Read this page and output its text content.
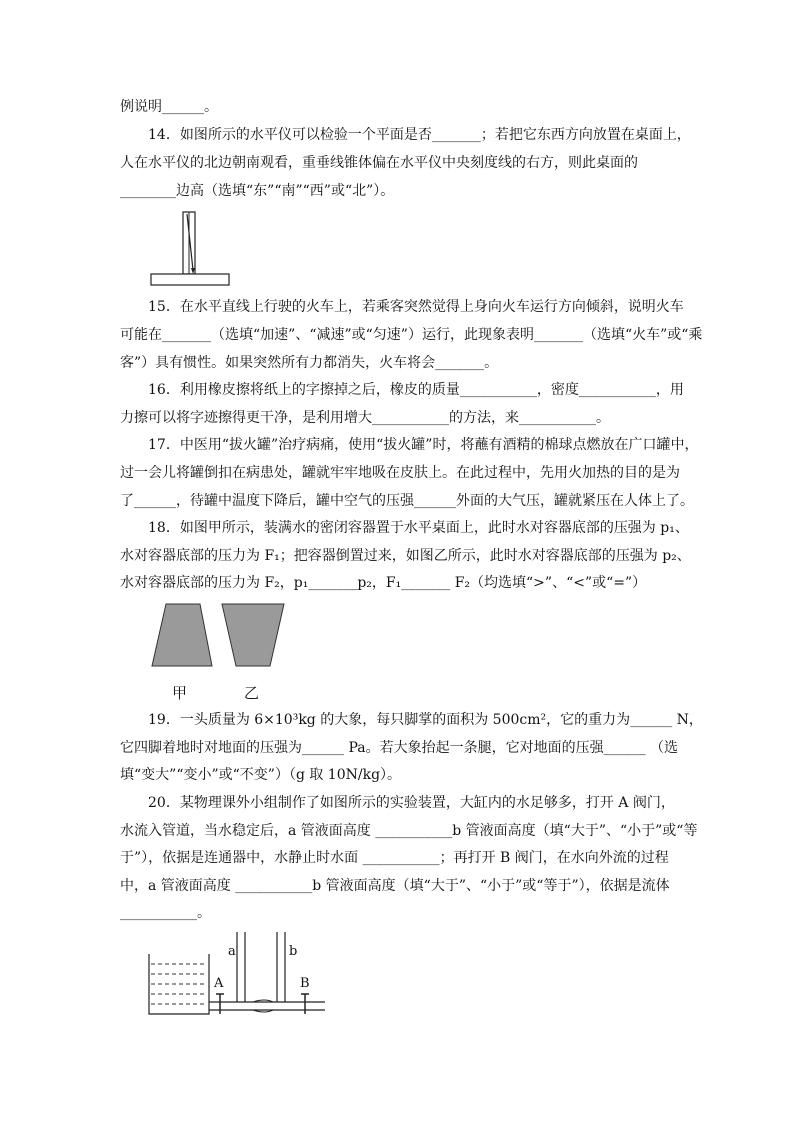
例说明______。
14．如图所示的水平仪可以检验一个平面是否_______；若把它东西方向放置在桌面上，
人在水平仪的北边朝南观看，重垂线锥体偏在水平仪中央刻度线的右方，则此桌面的
________边高（选填“东”“南”“西”或“北”）。
15．在水平直线上行驶的火车上，若乘客突然觉得上身向火车运行方向倾斜，说明火车
可能在_______（选填“加速”、“减速”或“匀速”）运行，此现象表明_______（选填“火车”或“乘
客”）具有惯性。如果突然所有力都消失，火车将会_______。
16．利用橡皮擦将纸上的字擦掉之后，橡皮的质量___________，密度___________，用
力擦可以将字迹擦得更干净，是利用增大___________的方法，来___________。
17．中医用“拔火罐”治疗病痛，使用“拔火罐”时，将蘸有酒精的棉球点燃放在广口罐中，
过一会儿将罐倒扣在病患处，罐就牢牢地吸在皮肤上。在此过程中，先用火加热的目的是为
了______，待罐中温度下降后，罐中空气的压强______外面的大气压，罐就紧压在人体上了。
18．如图甲所示，装满水的密闭容器置于水平桌面上，此时水对容器底部的压强为 p₁、
水对容器底部的压力为 F₁；把容器倒置过来，如图乙所示，此时水对容器底部的压强为 p₂、
水对容器底部的压力为 F₂，p₁_______p₂，F₁_______ F₂（均选填“>”、“<”或“=”）
甲	乙
19．一头质量为 6×10³kg 的大象，每只脚掌的面积为 500cm²，它的重力为______ N，
它四脚着地时对地面的压强为______ Pa。若大象抬起一条腿，它对地面的压强______ （选
填“变大”“变小”或“不变”）（g 取 10N/kg）。
20．某物理课外小组制作了如图所示的实验装置，大缸内的水足够多，打开 A 阀门，
水流入管道，当水稳定后，a 管液面高度 ___________b 管液面高度（填“大于”、“小于”或“等
于”），依据是连通器中，水静止时水面 ___________；再打开 B 阀门，在水向外流的过程
中，a 管液面高度 ___________b 管液面高度（填“大于”、“小于”或“等于”），依据是流体
___________。
a	b
A	B
